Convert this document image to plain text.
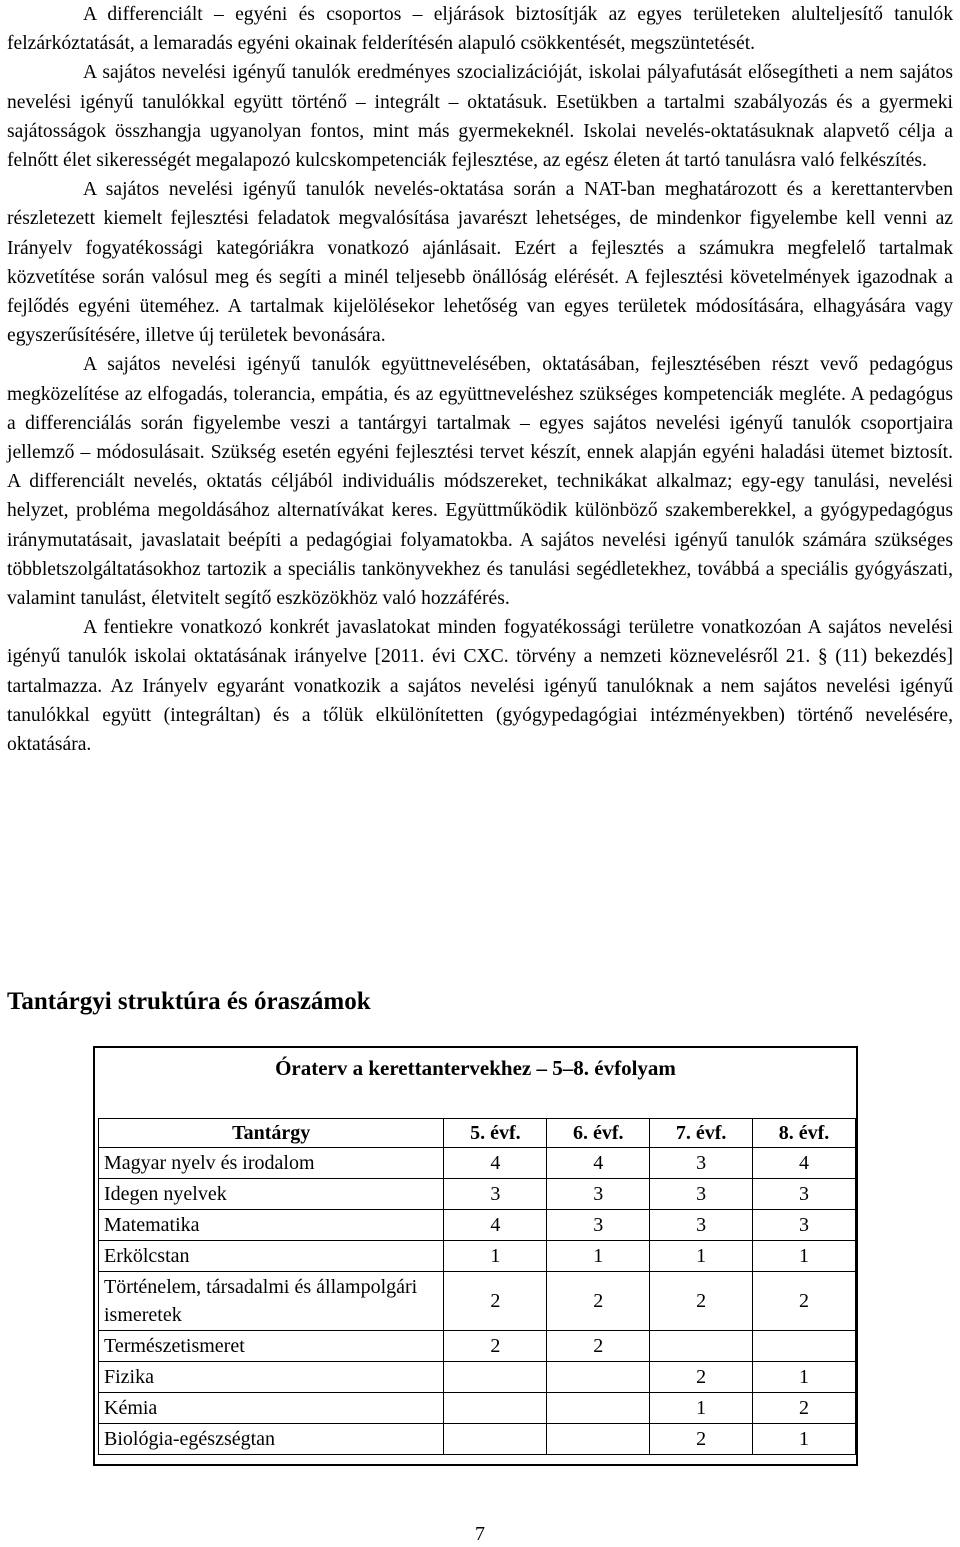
A differenciált – egyéni és csoportos – eljárások biztosítják az egyes területeken alulteljesítő tanulók felzárkóztatását, a lemaradás egyéni okainak felderítésén alapuló csökkentését, megszüntetését.

A sajátos nevelési igényű tanulók eredményes szocializációját, iskolai pályafutását elősegítheti a nem sajátos nevelési igényű tanulókkal együtt történő – integrált – oktatásuk. Esetükben a tartalmi szabályozás és a gyermeki sajátosságok összhangja ugyanolyan fontos, mint más gyermekeknél. Iskolai nevelés-oktatásuknak alapvető célja a felnőtt élet sikerességét megalapozó kulcskompetenciák fejlesztése, az egész életen át tartó tanulásra való felkészítés.

A sajátos nevelési igényű tanulók nevelés-oktatása során a NAT-ban meghatározott és a kerettantervben részletezett kiemelt fejlesztési feladatok megvalósítása javarészt lehetséges, de mindenkor figyelembe kell venni az Irányelv fogyatékossági kategóriákra vonatkozó ajánlásait. Ezért a fejlesztés a számukra megfelelő tartalmak közvetítése során valósul meg és segíti a minél teljesebb önállóság elérését. A fejlesztési követelmények igazodnak a fejlődés egyéni üteméhez. A tartalmak kijelölésekor lehetőség van egyes területek módosítására, elhagyására vagy egyszerűsítésére, illetve új területek bevonására.

A sajátos nevelési igényű tanulók együttnevelésében, oktatásában, fejlesztésében részt vevő pedagógus megközelítése az elfogadás, tolerancia, empátia, és az együttneveléshez szükséges kompetenciák megléte. A pedagógus a differenciálás során figyelembe veszi a tantárgyi tartalmak – egyes sajátos nevelési igényű tanulók csoportjaira jellemző – módosulásait. Szükség esetén egyéni fejlesztési tervet készít, ennek alapján egyéni haladási ütemet biztosít. A differenciált nevelés, oktatás céljából individuális módszereket, technikákat alkalmaz; egy-egy tanulási, nevelési helyzet, probléma megoldásához alternatívákat keres. Együttműködik különböző szakemberekkel, a gyógypedagógus iránymutatásait, javaslatait beépíti a pedagógiai folyamatokba. A sajátos nevelési igényű tanulók számára szükséges többletszolgáltatásokhoz tartozik a speciális tankönyvekhez és tanulási segédletekhez, továbbá a speciális gyógyászati, valamint tanulást, életvitelt segítő eszközökhöz való hozzáférés.

A fentiekre vonatkozó konkrét javaslatokat minden fogyatékossági területre vonatkozóan A sajátos nevelési igényű tanulók iskolai oktatásának irányelve [2011. évi CXC. törvény a nemzeti köznevelésről 21. § (11) bekezdés] tartalmazza. Az Irányelv egyaránt vonatkozik a sajátos nevelési igényű tanulóknak a nem sajátos nevelési igényű tanulókkal együtt (integráltan) és a tőlük elkülönítetten (gyógypedagógiai intézményekben) történő nevelésére, oktatására.

Tantárgyi struktúra és óraszámok
Óraterv a kerettantervekhez – 5–8. évfolyam
Tantárgy	5. évf.	6. évf.	7. évf.	8. évf.
Magyar nyelv és irodalom	4	4	3	4
Idegen nyelvek	3	3	3	3
Matematika	4	3	3	3
Erkölcstan	1	1	1	1
Történelem, társadalmi és állampolgári ismeretek	2	2	2	2
Természetismeret	2	2		
Fizika			2	1
Kémia			1	2
Biológia-egészségtan			2	1
7
